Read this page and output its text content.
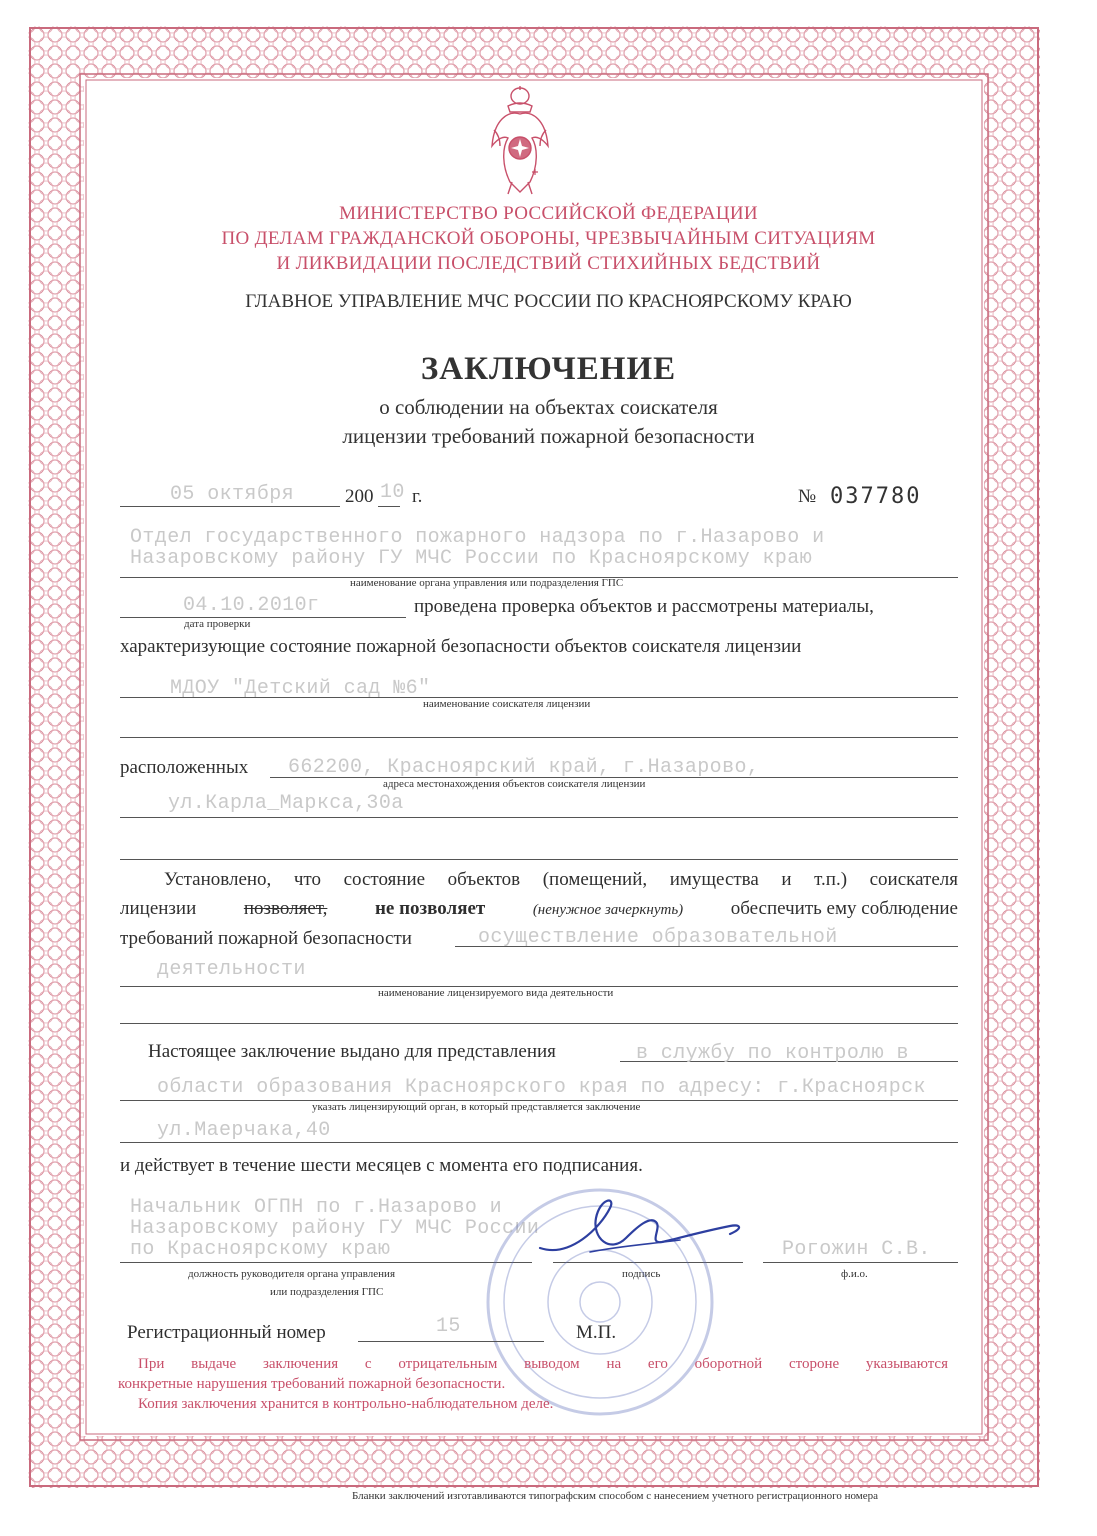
МИНИСТЕРСТВО РОССИЙСКОЙ ФЕДЕРАЦИИ
ПО ДЕЛАМ ГРАЖДАНСКОЙ ОБОРОНЫ, ЧРЕЗВЫЧАЙНЫМ СИТУАЦИЯМ
И ЛИКВИДАЦИИ ПОСЛЕДСТВИЙ СТИХИЙНЫХ БЕДСТВИЙ
ГЛАВНОЕ УПРАВЛЕНИЕ МЧС РОССИИ ПО КРАСНОЯРСКОМУ КРАЮ
ЗАКЛЮЧЕНИЕ
о соблюдении на объектах соискателя
лицензии требований пожарной безопасности
05 октября	200 10 г.	№ 037780
Отдел государственного пожарного надзора по г.Назарово и
Назаровскому району ГУ МЧС России по Красноярскому краю
наименование органа управления или подразделения ГПС
04.10.2010г	проведена проверка объектов и рассмотрены материалы,
дата проверки
характеризующие состояние пожарной безопасности объектов соискателя лицензии
МДОУ "Детский сад №6"
наименование соискателя лицензии
расположенных 662200, Красноярский край, г.Назарово,
адреса местонахождения объектов соискателя лицензии
ул.Карла_Маркса,30а
Установлено, что состояние объектов (помещений, имущества и т.п.) соискателя
лицензии	позволяет,	не позволяет	(ненужное зачеркнуть)	обеспечить ему соблюдение
требований пожарной безопасности	осуществление образовательной
деятельности
наименование лицензируемого вида деятельности
Настоящее заключение выдано для представления	в службу по контролю в
области образования Красноярского края по адресу: г.Красноярск
указать лицензирующий орган, в который представляется заключение
ул.Маерчака,40
и действует в течение шести месяцев с момента его подписания.
Начальник ОГПН по г.Назарово и
Назаровскому району ГУ МЧС России
по Красноярскому краю	Рогожин С.В.
должность руководителя органа управления
или подразделения ГПС
подпись	ф.и.о.
Регистрационный номер	15	М.П.
При выдаче заключения с отрицательным выводом на его оборотной стороне указываются
конкретные нарушения требований пожарной безопасности.
Копия заключения хранится в контрольно-наблюдательном деле.
Бланки заключений изготавливаются типографским способом с нанесением учетного регистрационного номера
